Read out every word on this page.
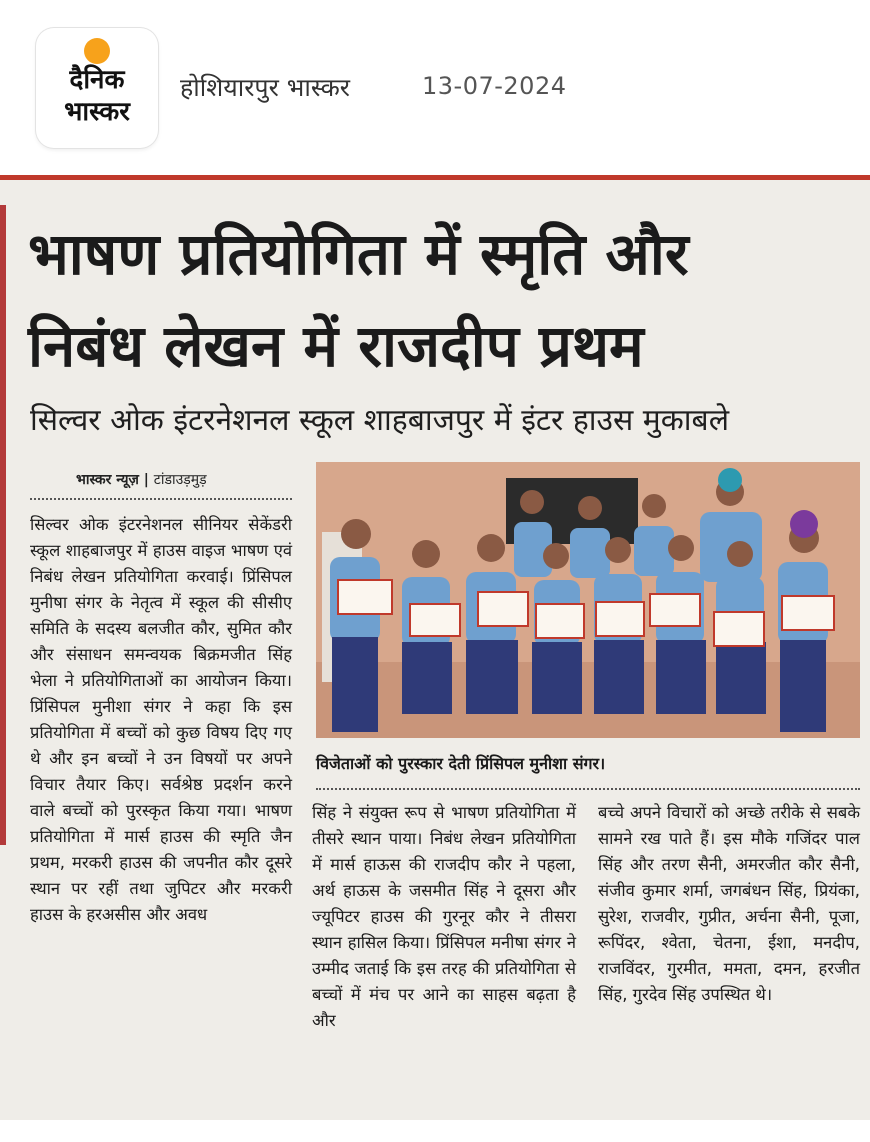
दैनिक
भास्कर
होशियारपुर भास्कर	13-07-2024
भाषण प्रतियोगिता में स्मृति और
निबंध लेखन में राजदीप प्रथम
सिल्वर ओक इंटरनेशनल स्कूल शाहबाजपुर में इंटर हाउस मुकाबले
भास्कर न्यूज़ | टांडाउड़मुड़

सिल्वर ओक इंटरनेशनल सीनियर सेकेंडरी स्कूल शाहबाजपुर में हाउस वाइज भाषण एवं निबंध लेखन प्रतियोगिता करवाई। प्रिंसिपल मुनीषा संगर के नेतृत्व में स्कूल की सीसीए समिति के सदस्य बलजीत कौर, सुमित कौर और संसाधन समन्वयक बिक्रमजीत सिंह भेला ने प्रतियोगिताओं का आयोजन किया। प्रिंसिपल मुनीशा संगर ने कहा कि इस प्रतियोगिता में बच्चों को कुछ विषय दिए गए थे और इन बच्चों ने उन विषयों पर अपने विचार तैयार किए। सर्वश्रेष्ठ प्रदर्शन करने वाले बच्चों को पुरस्कृत किया गया। भाषण प्रतियोगिता में मार्स हाउस की स्मृति जैन प्रथम, मरकरी हाउस की जपनीत कौर दूसरे स्थान पर रहीं तथा जुपिटर और मरकरी हाउस के हरअसीस और अवध

विजेताओं को पुरस्कार देती प्रिंसिपल मुनीशा संगर।

सिंह ने संयुक्त रूप से भाषण प्रतियोगिता में तीसरे स्थान पाया। निबंध लेखन प्रतियोगिता में मार्स हाऊस की राजदीप कौर ने पहला, अर्थ हाऊस के जसमीत सिंह ने दूसरा और ज्यूपिटर हाउस की गुरनूर कौर ने तीसरा स्थान हासिल किया। प्रिंसिपल मनीषा संगर ने उम्मीद जताई कि इस तरह की प्रतियोगिता से बच्चों में मंच पर आने का साहस बढ़ता है और

बच्चे अपने विचारों को अच्छे तरीके से सबके सामने रख पाते हैं। इस मौके गजिंदर पाल सिंह और तरण सैनी, अमरजीत कौर सैनी, संजीव कुमार शर्मा, जगबंधन सिंह, प्रियंका, सुरेश, राजवीर, गुप्रीत, अर्चना सैनी, पूजा, रूपिंदर, श्वेता, चेतना, ईशा, मनदीप, राजविंदर, गुरमीत, ममता, दमन, हरजीत सिंह, गुरदेव सिंह उपस्थित थे।
